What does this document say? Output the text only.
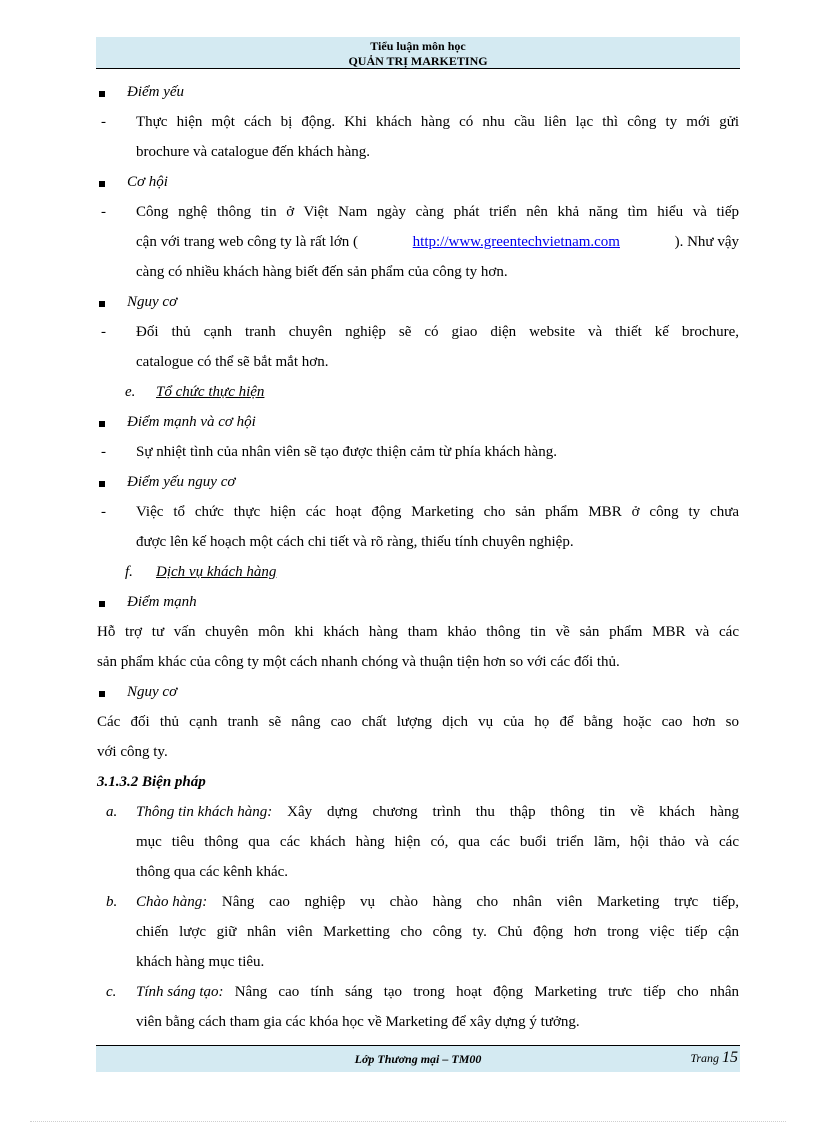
Tiểu luận môn học
QUẢN TRỊ MARKETING
Điểm yếu
- Thực hiện một cách bị động. Khi khách hàng có nhu cầu liên lạc thì công ty mới gửi
brochure và catalogue đến khách hàng.
Cơ hội
- Công nghệ thông tin ở Việt Nam ngày càng phát triển nên khả năng tìm hiểu và tiếp
cận với trang web công ty là rất lớn (	http://www.greentechvietnam.com	). Như vậy
càng có nhiều khách hàng biết đến sản phẩm của công ty hơn.
Nguy cơ
- Đối thủ cạnh tranh chuyên nghiệp sẽ có giao diện website và thiết kế brochure,
catalogue có thể sẽ bắt mắt hơn.
e. Tổ chức thực hiện
Điểm mạnh và cơ hội
- Sự nhiệt tình của nhân viên sẽ tạo được thiện cảm từ phía khách hàng.
Điểm yếu nguy cơ
- Việc tổ chức thực hiện các hoạt động Marketing cho sản phẩm MBR ở công ty chưa
được lên kế hoạch một cách chi tiết và rõ ràng, thiếu tính chuyên nghiệp.
f. Dịch vụ khách hàng
Điểm mạnh
Hỗ trợ tư vấn chuyên môn khi khách hàng tham khảo thông tin về sản phẩm MBR và các
sản phẩm khác của công ty một cách nhanh chóng và thuận tiện hơn so với các đối thủ.
Nguy cơ
Các đối thủ cạnh tranh sẽ nâng cao chất lượng dịch vụ của họ để bằng hoặc cao hơn so
với công ty.
3.1.3.2 Biện pháp
a. Thông tin khách hàng: Xây dựng chương trình thu thập thông tin về khách hàng
mục tiêu thông qua các khách hàng hiện có, qua các buổi triển lãm, hội thảo và các
thông qua các kênh khác.
b. Chào hàng: Nâng cao nghiệp vụ chào hàng cho nhân viên Marketing trực tiếp,
chiến lược giữ nhân viên Marketting cho công ty. Chủ động hơn trong việc tiếp cận
khách hàng mục tiêu.
c. Tính sáng tạo: Nâng cao tính sáng tạo trong hoạt động Marketing trưc tiếp cho nhân
viên bằng cách tham gia các khóa học về Marketing để xây dựng ý tưởng.
Lớp Thương mại – TM00	Trang 15
